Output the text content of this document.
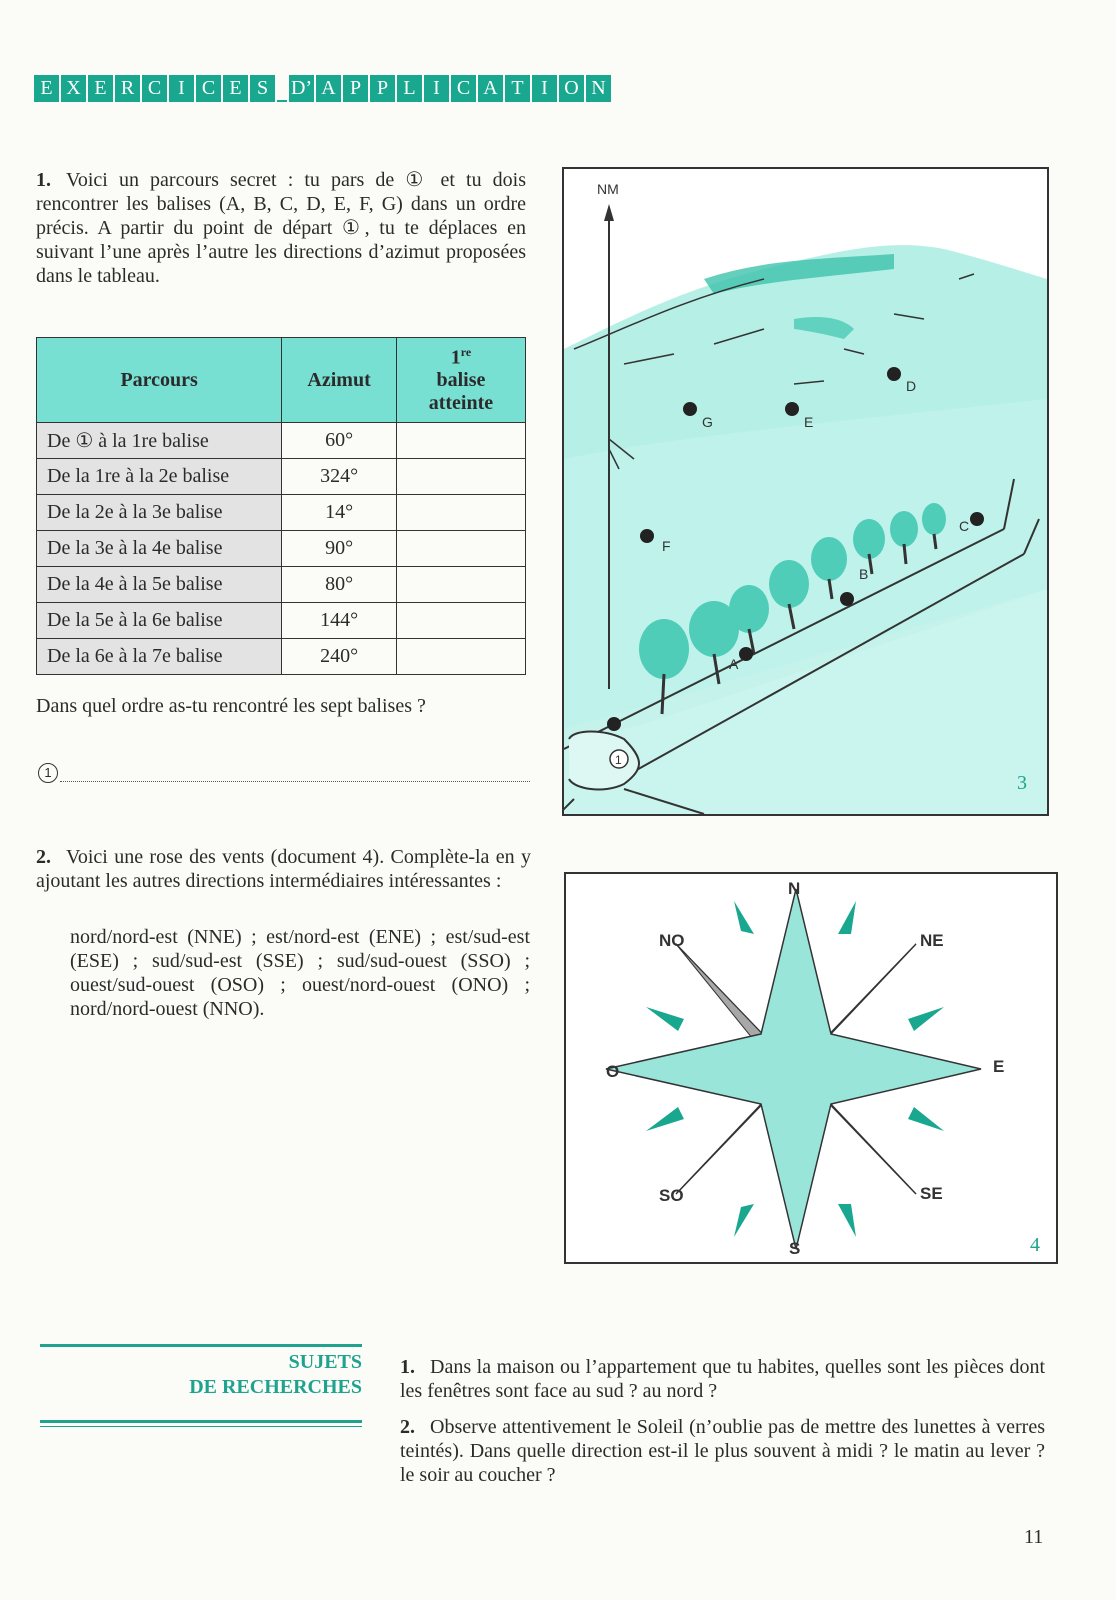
E X E R C I C E S	D’ A P P L I C A T I O N
1. Voici un parcours secret : tu pars de ① et tu dois rencontrer les balises (A, B, C, D, E, F, G) dans un ordre précis. A partir du point de départ ①, tu te déplaces en suivant l’une après l’autre les directions d’azimut proposées dans le tableau.
Parcours	Azimut	1re
balise
atteinte

De ① à la 1re balise	60°	
De la 1re à la 2e balise	324°	
De la 2e à la 3e balise	14°	
De la 3e à la 4e balise	90°	
De la 4e à la 5e balise	80°	
De la 5e à la 6e balise	144°	
De la 6e à la 7e balise	240°	
Dans quel ordre as-tu rencontré les sept balises ?
1
NM
A
B
C
D
E
F
G
1
3
2. Voici une rose des vents (document 4). Complète-la en y ajoutant les autres directions intermédiaires intéressantes :
nord/nord-est (NNE) ; est/nord-est (ENE) ; est/sud-est (ESE) ; sud/sud-est (SSE) ; sud/sud-ouest (SSO) ; ouest/sud-ouest (OSO) ; ouest/nord-ouest (ONO) ; nord/nord-ouest (NNO).
N
NE
E
SE
S
SO
O
NO
4
SUJETS
DE RECHERCHES
1. Dans la maison ou l’appartement que tu habites, quelles sont les pièces dont les fenêtres sont face au sud ? au nord ?
2. Observe attentivement le Soleil (n’oublie pas de mettre des lunettes à verres teintés). Dans quelle direction est-il le plus souvent à midi ? le matin au lever ? le soir au coucher ?
11
